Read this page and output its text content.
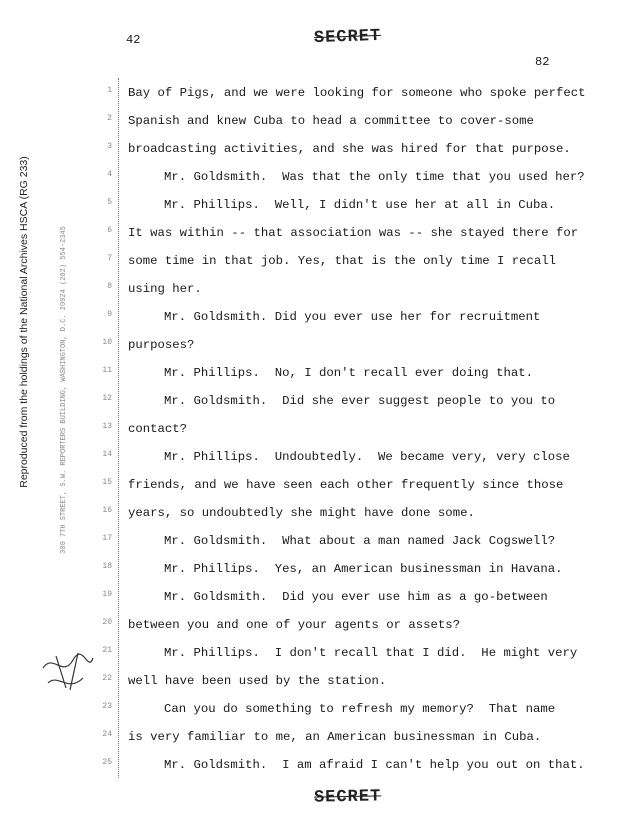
42	SECRET
82
Reproduced from the holdings of the National Archives HSCA (RG 233)	300 7TH STREET, S.W. REPORTERS BUILDING, WASHINGTON, D.C. 20024 (202) 554-2345
1
2
3
4
5
6
7
8
9
10
11
12
13
14
15
16
17
18
19
20
21
22
23
24
25
Bay of Pigs, and we were looking for someone who spoke perfect
Spanish and knew Cuba to head a committee to cover-some
broadcasting activities, and she was hired for that purpose.
Mr. Goldsmith.  Was that the only time that you used her?
Mr. Phillips.  Well, I didn't use her at all in Cuba.
It was within -- that association was -- she stayed there for
some time in that job. Yes, that is the only time I recall
using her.
Mr. Goldsmith. Did you ever use her for recruitment
purposes?
Mr. Phillips.  No, I don't recall ever doing that.
Mr. Goldsmith.  Did she ever suggest people to you to
contact?
Mr. Phillips.  Undoubtedly.  We became very, very close
friends, and we have seen each other frequently since those
years, so undoubtedly she might have done some.
Mr. Goldsmith.  What about a man named Jack Cogswell?
Mr. Phillips.  Yes, an American businessman in Havana.
Mr. Goldsmith.  Did you ever use him as a go-between
between you and one of your agents or assets?
Mr. Phillips.  I don't recall that I did.  He might very
well have been used by the station.
Can you do something to refresh my memory?  That name
is very familiar to me, an American businessman in Cuba.
Mr. Goldsmith.  I am afraid I can't help you out on that.
SECRET
